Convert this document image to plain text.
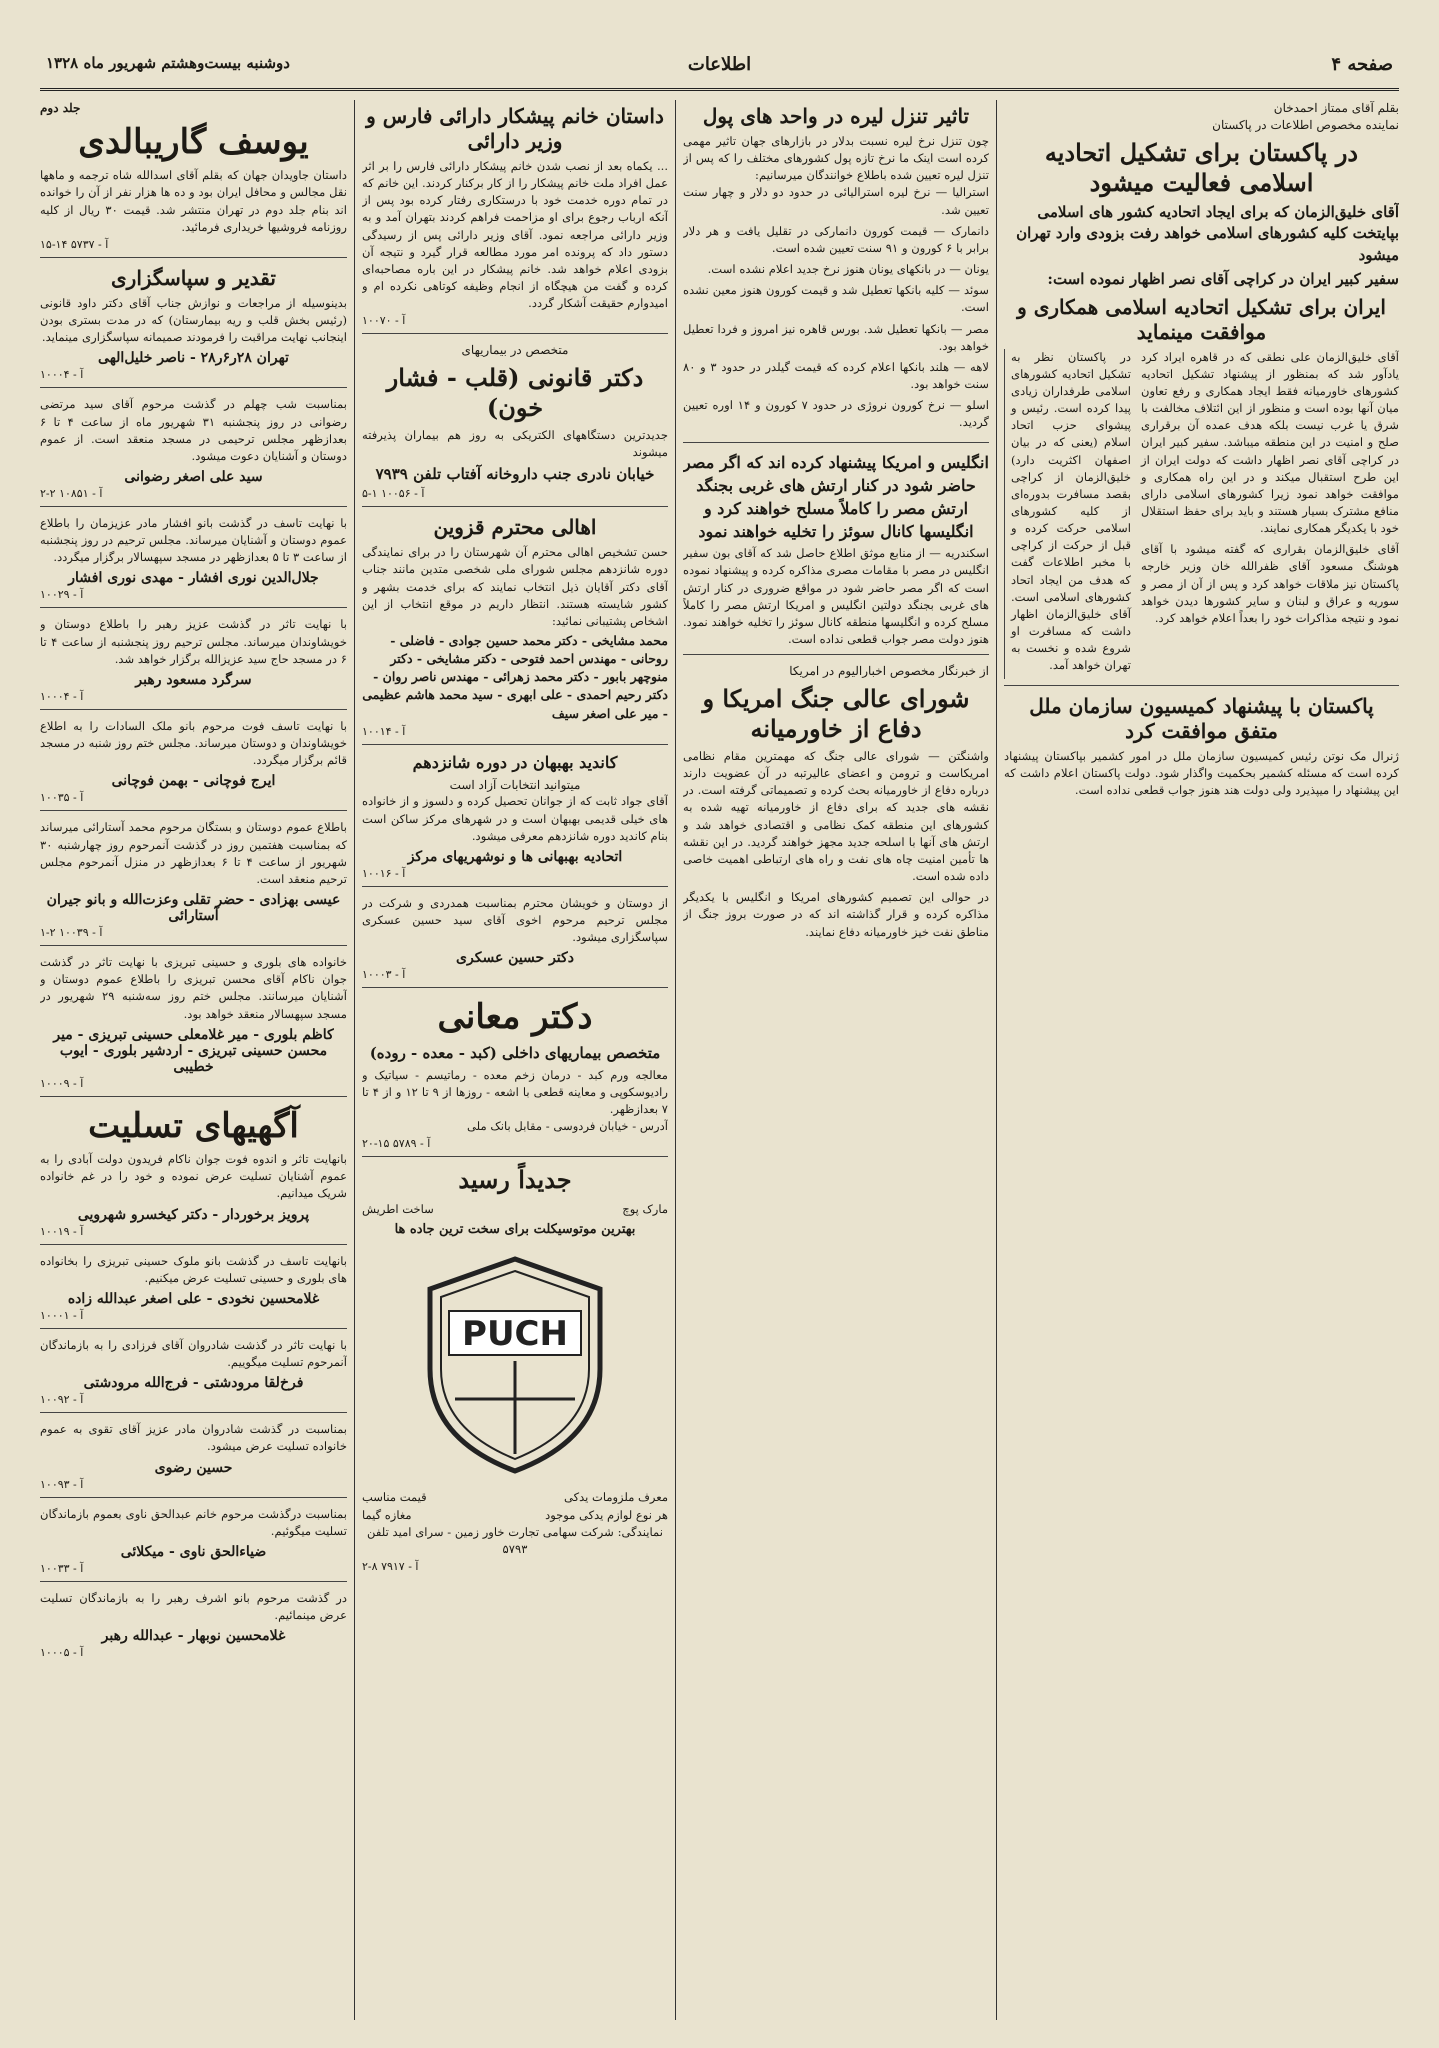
صفحه ۴
اطلاعات
دوشنبه بیست‌وهشتم شهریور ماه ۱۳۲۸
بقلم آقای ممتاز احمدخان
نماینده مخصوص اطلاعات در پاکستان
در پاکستان برای تشکیل اتحادیه اسلامی فعالیت میشود
آقای خلیق‌الزمان که برای ایجاد اتحادیه کشور های اسلامی بپایتخت کلیه کشورهای اسلامی خواهد رفت بزودی وارد تهران میشود
سفیر کبیر ایران در کراچی آقای نصر اظهار نموده است:
ایران برای تشکیل اتحادیه اسلامی همکاری و موافقت مینماید

آقای خلیق‌الزمان علی نطقی که در قاهره ایراد کرد یادآور شد که بمنظور از پیشنهاد تشکیل اتحادیه کشورهای خاورمیانه فقط ایجاد همکاری و رفع تعاون میان آنها بوده است و منظور از این ائتلاف مخالفت با شرق یا غرب نیست بلکه هدف عمده آن برقراری صلح و امنیت در این منطقه میباشد. سفیر کبیر ایران در کراچی آقای نصر اظهار داشت که دولت ایران از این طرح استقبال میکند و در این راه همکاری و موافقت خواهد نمود زیرا کشورهای اسلامی دارای منافع مشترک بسیار هستند و باید برای حفظ استقلال خود با یکدیگر همکاری نمایند.

آقای خلیق‌الزمان بقراری که گفته میشود با آقای هوشنگ مسعود آقای ظفرالله خان وزیر خارجه پاکستان نیز ملاقات خواهد کرد و پس از آن از مصر و سوریه و عراق و لبنان و سایر کشورها دیدن خواهد نمود و نتیجه مذاکرات خود را بعداً اعلام خواهد کرد.

در پاکستان نظر به تشکیل اتحادیه کشورهای اسلامی طرفداران زیادی پیدا کرده است. رئیس و پیشوای حزب اتحاد اسلام (یعنی که در بیان اصفهان اکثریت دارد) خلیق‌الزمان از کراچی بقصد مسافرت بدوره‌ای از کلیه کشورهای اسلامی حرکت کرده و قبل از حرکت از کراچی با مخبر اطلاعات گفت که هدف من ایجاد اتحاد کشورهای اسلامی است. آقای خلیق‌الزمان اظهار داشت که مسافرت او شروع شده و نخست به تهران خواهد آمد.

پاکستان با پیشنهاد کمیسیون سازمان ملل متفق موافقت کرد
ژنرال مک نوتن رئیس کمیسیون سازمان ملل در امور کشمیر بپاکستان پیشنهاد کرده است که مسئله کشمیر بحکمیت واگذار شود. دولت پاکستان اعلام داشت که این پیشنهاد را میپذیرد ولی دولت هند هنوز جواب قطعی نداده است.
تاثیر تنزل لیره در واحد های پول
چون تنزل نرخ لیره نسبت بدلار در بازارهای جهان تاثیر مهمی کرده است اینک ما نرخ تازه پول کشورهای مختلف را که پس از تنزل لیره تعیین شده باطلاع خوانندگان میرسانیم:

استرالیا — نرخ لیره استرالیائی در حدود دو دلار و چهار سنت تعیین شد.

دانمارک — قیمت کورون دانمارکی در تقلیل یافت و هر دلار برابر با ۶ کورون و ۹۱ سنت تعیین شده است.

یونان — در بانکهای یونان هنوز نرخ جدید اعلام نشده است.

سوئد — کلیه بانکها تعطیل شد و قیمت کورون هنوز معین نشده است.

مصر — بانکها تعطیل شد. بورس قاهره نیز امروز و فردا تعطیل خواهد بود.

لاهه — هلند بانکها اعلام کرده که قیمت گیلدر در حدود ۳ و ۸۰ سنت خواهد بود.

اسلو — نرخ کورون نروژی در حدود ۷ کورون و ۱۴ اوره تعیین گردید.

انگلیس و امریکا پیشنهاد کرده اند که اگر مصر حاضر شود در کنار ارتش های غربی بجنگد ارتش مصر را کاملاً مسلح خواهند کرد و انگلیسها کانال سوئز را تخلیه خواهند نمود
اسکندریه — از منابع موثق اطلاع حاصل شد که آقای بون سفیر انگلیس در مصر با مقامات مصری مذاکره کرده و پیشنهاد نموده است که اگر مصر حاضر شود در مواقع ضروری در کنار ارتش های غربی بجنگد دولتین انگلیس و امریکا ارتش مصر را کاملاً مسلح کرده و انگلیسها منطقه کانال سوئز را تخلیه خواهند نمود. هنوز دولت مصر جواب قطعی نداده است.
از خبرنگار مخصوص اخبارالیوم در امریکا
شورای عالی جنگ امریکا و دفاع از خاورمیانه

واشنگتن — شورای عالی جنگ که مهمترین مقام نظامی امریکاست و ترومن و اعضای عالیرتبه در آن عضویت دارند درباره دفاع از خاورمیانه بحث کرده و تصمیماتی گرفته است. در نقشه های جدید که برای دفاع از خاورمیانه تهیه شده به کشورهای این منطقه کمک نظامی و اقتصادی خواهد شد و ارتش های آنها با اسلحه جدید مجهز خواهند گردید. در این نقشه ها تأمین امنیت چاه های نفت و راه های ارتباطی اهمیت خاصی داده شده است.

در حوالی این تصمیم کشورهای امریکا و انگلیس با یکدیگر مذاکره کرده و قرار گذاشته اند که در صورت بروز جنگ از مناطق نفت خیز خاورمیانه دفاع نمایند.

داستان خانم پیشکار دارائی فارس و وزیر دارائی
... یکماه بعد از نصب شدن خانم پیشکار دارائی فارس را بر اثر عمل افراد ملت خانم پیشکار را از کار برکنار کردند. این خانم که در تمام دوره خدمت خود با درستکاری رفتار کرده بود پس از آنکه ارباب رجوع برای او مزاحمت فراهم کردند بتهران آمد و به وزیر دارائی مراجعه نمود. آقای وزیر دارائی پس از رسیدگی دستور داد که پرونده امر مورد مطالعه قرار گیرد و نتیجه آن بزودی اعلام خواهد شد. خانم پیشکار در این باره مصاحبه‌ای کرده و گفت من هیچگاه از انجام وظیفه کوتاهی نکرده ام و امیدوارم حقیقت آشکار گردد.
آ - ۱۰۰۷۰
متخصص در بیماریهای
دکتر قانونی (قلب - فشار خون)
جدیدترین دستگاههای الکتریکی به روز هم بیماران پذیرفته میشوند
خیابان نادری جنب داروخانه آفتاب تلفن ۷۹۳۹
آ - ۱۰۰۵۶ ۱-۵
اهالی محترم قزوین
حسن تشخیص اهالی محترم آن شهرستان را در برای نمایندگی دوره شانزدهم مجلس شورای ملی شخصی متدین مانند جناب آقای دکتر آقایان ذیل انتخاب نمایند که برای خدمت بشهر و کشور شایسته هستند. انتظار داریم در موقع انتخاب از این اشخاص پشتیبانی نمائید:
محمد مشایخی - دکتر محمد حسین جوادی - فاضلی - روحانی - مهندس احمد فتوحی - دکتر مشایخی - دکتر منوچهر بابور - دکتر محمد زهرائی - مهندس ناصر روان - دکتر رحیم احمدی - علی ابهری - سید محمد هاشم عظیمی - میر علی اصغر سیف
آ - ۱۰۰۱۴
کاندید بهبهان در دوره شانزدهم
میتوانید انتخابات آزاد است
آقای جواد ثابت که از جوانان تحصیل کرده و دلسوز و از خانواده های خیلی قدیمی بهبهان است و در شهرهای مرکز ساکن است بنام کاندید دوره شانزدهم معرفی میشود.
اتحادیه بهبهانی ها و نوشهریهای مرکز
آ - ۱۰۰۱۶
از دوستان و خویشان محترم بمناسبت همدردی و شرکت در مجلس ترحیم مرحوم اخوی آقای سید حسین عسکری سپاسگزاری میشود.
دکتر حسین عسکری
آ - ۱۰۰۰۳
دکتر معانی
متخصص بیماریهای داخلی (کبد - معده - روده)
معالجه ورم کبد - درمان زخم معده - رماتیسم - سیاتیک و رادیوسکوپی و معاینه قطعی با اشعه - روزها از ۹ تا ۱۲ و از ۴ تا ۷ بعدازظهر.
آدرس - خیابان فردوسی - مقابل بانک ملی
آ - ۵۷۸۹ ۱۵-۲۰
جدیداً رسید
مارک پوچ
ساخت اطریش
بهترین موتوسیکلت برای سخت ترین جاده ها
PUCH
معرف ملزومات یدکی
هر نوع لوازم یدکی موجود
قیمت مناسب
مغازه گیما
نمایندگی: شرکت سهامی تجارت خاور زمین - سرای امید تلفن ۵۷۹۳
آ - ۷۹۱۷ ۸-۲
جلد دوم
یوسف گاریبالدی
داستان جاویدان جهان که بقلم آقای اسدالله شاه ترجمه و ماهها نقل مجالس و محافل ایران بود و ده ها هزار نفر از آن را خوانده اند بنام جلد دوم در تهران منتشر شد. قیمت ۳۰ ریال از کلیه روزنامه فروشیها خریداری فرمائید.
آ - ۵۷۳۷ ۱۴-۱۵
تقدیر و سپاسگزاری
بدینوسیله از مراجعات و نوازش جناب آقای دکتر داود قانونی (رئیس بخش قلب و ریه بیمارستان) که در مدت بستری بودن اینجانب نهایت مراقبت را فرمودند صمیمانه سپاسگزاری مینماید.
تهران ۲۸ر۶ر۲۸ - ناصر خلیل‌الهی
آ - ۱۰۰۰۴
بمناسبت شب چهلم در گذشت مرحوم آقای سید مرتضی رضوانی در روز پنجشنبه ۳۱ شهریور ماه از ساعت ۴ تا ۶ بعدازظهر مجلس ترحیمی در مسجد منعقد است. از عموم دوستان و آشنایان دعوت میشود.
سید علی اصغر رضوانی
آ - ۱۰۸۵۱ ۲-۲
با نهایت تاسف در گذشت بانو افشار مادر عزیزمان را باطلاع عموم دوستان و آشنایان میرساند. مجلس ترحیم در روز پنجشنبه از ساعت ۳ تا ۵ بعدازظهر در مسجد سپهسالار برگزار میگردد.
جلال‌الدین نوری افشار - مهدی نوری افشار
آ - ۱۰۰۲۹
با نهایت تاثر در گذشت عزیز رهبر را باطلاع دوستان و خویشاوندان میرساند. مجلس ترحیم روز پنجشنبه از ساعت ۴ تا ۶ در مسجد حاج سید عزیزالله برگزار خواهد شد.
سرگرد مسعود رهبر
آ - ۱۰۰۰۴
با نهایت تاسف فوت مرحوم بانو ملک السادات را به اطلاع خویشاوندان و دوستان میرساند. مجلس ختم روز شنبه در مسجد قائم برگزار میگردد.
ایرج فوچانی - بهمن فوچانی
آ - ۱۰۰۳۵
باطلاع عموم دوستان و بستگان مرحوم محمد آستارائی میرساند که بمناسبت هفتمین روز در گذشت آنمرحوم روز چهارشنبه ۳۰ شهریور از ساعت ۴ تا ۶ بعدازظهر در منزل آنمرحوم مجلس ترحیم منعقد است.
عیسی بهزادی - حضر تقلی وعزت‌الله و بانو جیران آستارائی
آ - ۱۰۰۳۹ ۲-۱
خانواده های بلوری و حسینی تبریزی با نهایت تاثر در گذشت جوان ناکام آقای محسن تبریزی را باطلاع عموم دوستان و آشنایان میرسانند. مجلس ختم روز سه‌شنبه ۲۹ شهریور در مسجد سپهسالار منعقد خواهد بود.
کاظم بلوری - میر غلامعلی حسینی تبریزی - میر محسن حسینی تبریزی - اردشیر بلوری - ایوب خطیبی
آ - ۱۰۰۰۹
آگهیهای تسلیت
بانهایت تاثر و اندوه فوت جوان ناکام فریدون دولت آبادی را به عموم آشنایان تسلیت عرض نموده و خود را در غم خانواده شریک میدانیم.
پرویز برخوردار - دکتر کیخسرو شهرویی
آ - ۱۰۰۱۹
بانهایت تاسف در گذشت بانو ملوک حسینی تبریزی را بخانواده های بلوری و حسینی تسلیت عرض میکنیم.
غلامحسین نخودی - علی اصغر عبدالله زاده
آ - ۱۰۰۰۱
با نهایت تاثر در گذشت شادروان آقای فرزادی را به بازماندگان آنمرحوم تسلیت میگوییم.
فرخ‌لقا مرودشتی - فرج‌الله مرودشتی
آ - ۱۰۰۹۲
بمناسبت در گذشت شادروان مادر عزیز آقای تقوی به عموم خانواده تسلیت عرض میشود.
حسین رضوی
آ - ۱۰۰۹۳
بمناسبت درگذشت مرحوم خانم عبدالحق ناوی بعموم بازماندگان تسلیت میگوئیم.
ضیاءالحق ناوی - میکلائی
آ - ۱۰۰۳۳
در گذشت مرحوم بانو اشرف رهبر را به بازماندگان تسلیت عرض مینمائیم.
غلامحسین نوبهار - عبدالله رهبر
آ - ۱۰۰۰۵
